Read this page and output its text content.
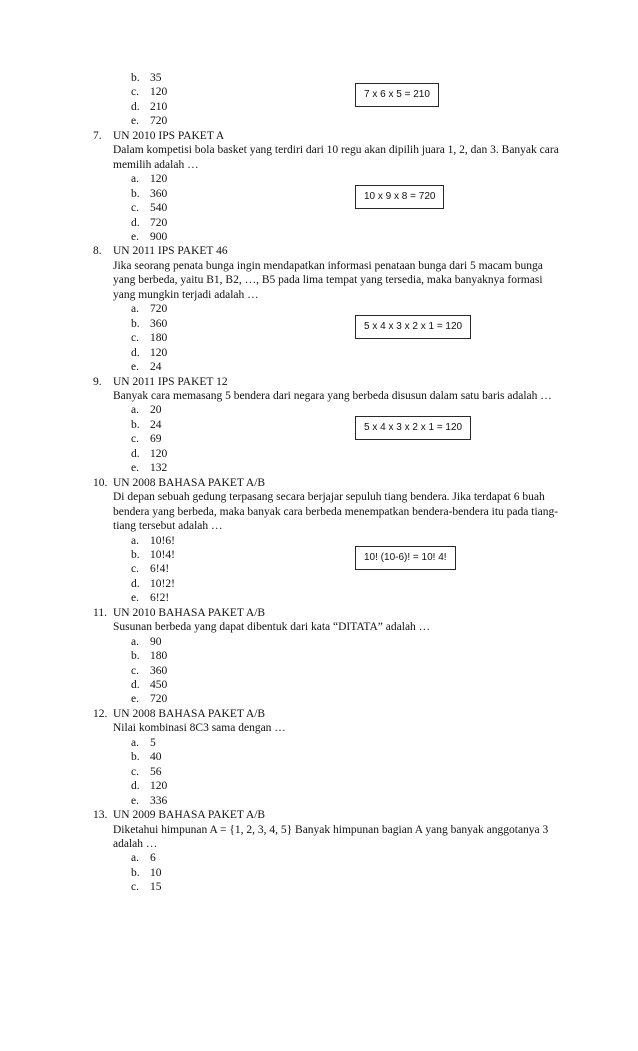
b. 35
c. 120
d. 210
e. 720
7 x 6 x 5 = 210
7. UN 2010 IPS PAKET A
Dalam kompetisi bola basket yang terdiri dari 10 regu akan dipilih juara 1, 2, dan 3. Banyak cara memilih adalah …
a. 120
b. 360
c. 540
d. 720
e. 900
10 x 9 x 8 = 720
8. UN 2011 IPS PAKET 46
Jika seorang penata bunga ingin mendapatkan informasi penataan bunga dari 5 macam bunga yang berbeda, yaitu B1, B2, …, B5 pada lima tempat yang tersedia, maka banyaknya formasi yang mungkin terjadi adalah …
a. 720
b. 360
c. 180
d. 120
e. 24
5 x 4 x 3 x 2 x 1 = 120
9. UN 2011 IPS PAKET 12
Banyak cara memasang 5 bendera dari negara yang berbeda disusun dalam satu baris adalah …
a. 20
b. 24
c. 69
d. 120
e. 132
5 x 4 x 3 x 2 x 1 = 120
10. UN 2008 BAHASA PAKET A/B
Di depan sebuah gedung terpasang secara berjajar sepuluh tiang bendera. Jika terdapat 6 buah bendera yang berbeda, maka banyak cara berbeda menempatkan bendera-bendera itu pada tiang-tiang tersebut adalah …
a. 10!6!
b. 10!4!
c. 6!4!
d. 10!2!
e. 6!2!
10! (10-6)! = 10! 4!
11. UN 2010 BAHASA PAKET A/B
Susunan berbeda yang dapat dibentuk dari kata “DITATA” adalah …
a. 90
b. 180
c. 360
d. 450
e. 720
12. UN 2008 BAHASA PAKET A/B
Nilai kombinasi 8C3 sama dengan …
a. 5
b. 40
c. 56
d. 120
e. 336
13. UN 2009 BAHASA PAKET A/B
Diketahui himpunan A = {1, 2, 3, 4, 5} Banyak himpunan bagian A yang banyak anggotanya 3 adalah …
a. 6
b. 10
c. 15
